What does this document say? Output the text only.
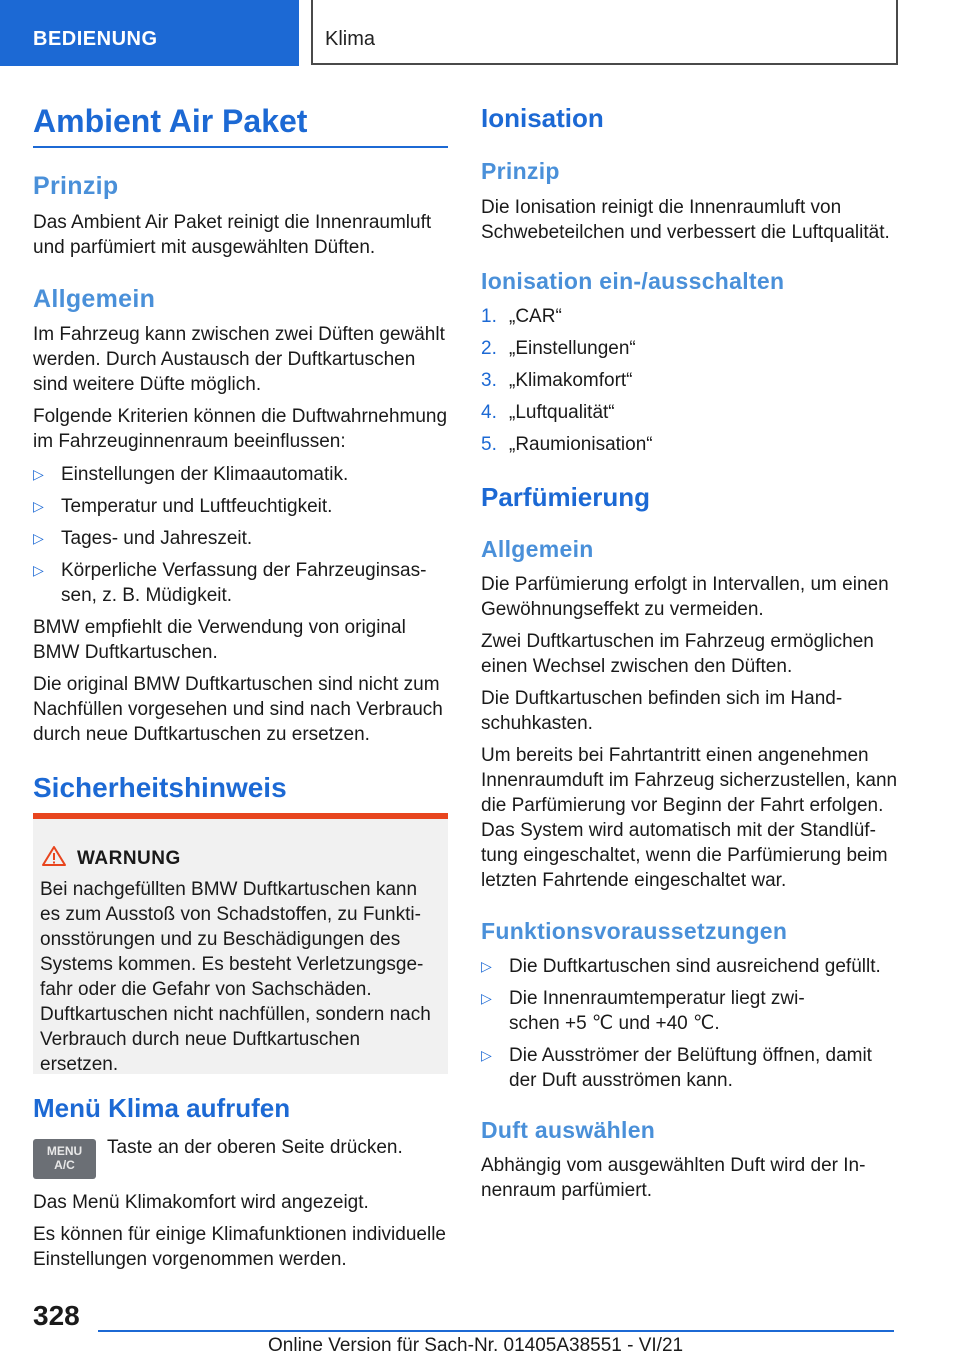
BEDIENUNG	Klima
Ambient Air Paket
Prinzip
Das Ambient Air Paket reinigt die Innenraumluft und parfümiert mit ausgewählten Düften.
Allgemein
Im Fahrzeug kann zwischen zwei Düften gewählt werden. Durch Austausch der Duftkartuschen sind weitere Düfte möglich.
Folgende Kriterien können die Duftwahrnehmung im Fahrzeuginnenraum beeinflussen:
▷ Einstellungen der Klimaautomatik.
▷ Temperatur und Luftfeuchtigkeit.
▷ Tages- und Jahreszeit.
▷ Körperliche Verfassung der Fahrzeuginsassen, z. B. Müdigkeit.
BMW empfiehlt die Verwendung von original BMW Duftkartuschen.
Die original BMW Duftkartuschen sind nicht zum Nachfüllen vorgesehen und sind nach Verbrauch durch neue Duftkartuschen zu ersetzen.
Sicherheitshinweis
WARNUNG
Bei nachgefüllten BMW Duftkartuschen kann es zum Ausstoß von Schadstoffen, zu Funktionsstörungen und zu Beschädigungen des Systems kommen. Es besteht Verletzungsgefahr oder die Gefahr von Sachschäden. Duftkartuschen nicht nachfüllen, sondern nach Verbrauch durch neue Duftkartuschen ersetzen.
Menü Klima aufrufen
MENU
A/C
Taste an der oberen Seite drücken.
Das Menü Klimakomfort wird angezeigt.
Es können für einige Klimafunktionen individuelle Einstellungen vorgenommen werden.
Ionisation
Prinzip
Die Ionisation reinigt die Innenraumluft von Schwebeteilchen und verbessert die Luftqualität.
Ionisation ein-/ausschalten
1. „CAR“
2. „Einstellungen“
3. „Klimakomfort“
4. „Luftqualität“
5. „Raumionisation“
Parfümierung
Allgemein
Die Parfümierung erfolgt in Intervallen, um einen Gewöhnungseffekt zu vermeiden.
Zwei Duftkartuschen im Fahrzeug ermöglichen einen Wechsel zwischen den Düften.
Die Duftkartuschen befinden sich im Handschuhkasten.
Um bereits bei Fahrtantritt einen angenehmen Innenraumduft im Fahrzeug sicherzustellen, kann die Parfümierung vor Beginn der Fahrt erfolgen. Das System wird automatisch mit der Standlüftung eingeschaltet, wenn die Parfümierung beim letzten Fahrtende eingeschaltet war.
Funktionsvoraussetzungen
▷ Die Duftkartuschen sind ausreichend gefüllt.
▷ Die Innenraumtemperatur liegt zwischen +5 ℃ und +40 ℃.
▷ Die Ausströmer der Belüftung öffnen, damit der Duft ausströmen kann.
Duft auswählen
Abhängig vom ausgewählten Duft wird der Innenraum parfümiert.
328
Online Version für Sach-Nr. 01405A38551 - VI/21
